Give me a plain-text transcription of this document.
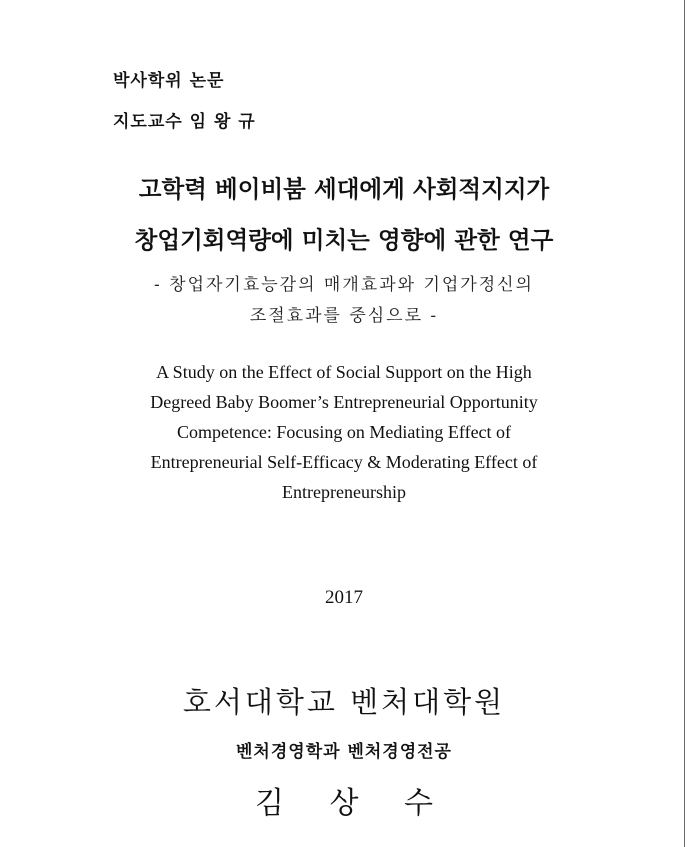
박사학위 논문
지도교수 임 왕 규
고학력 베이비붐 세대에게 사회적지지가
창업기회역량에 미치는 영향에 관한 연구
- 창업자기효능감의 매개효과와 기업가정신의
조절효과를 중심으로 -
A Study on the Effect of Social Support on the High
Degreed Baby Boomer’s Entrepreneurial Opportunity
Competence: Focusing on Mediating Effect of
Entrepreneurial Self-Efficacy & Moderating Effect of
Entrepreneurship
2017
호서대학교 벤처대학원
벤처경영학과 벤처경영전공
김 상 수
